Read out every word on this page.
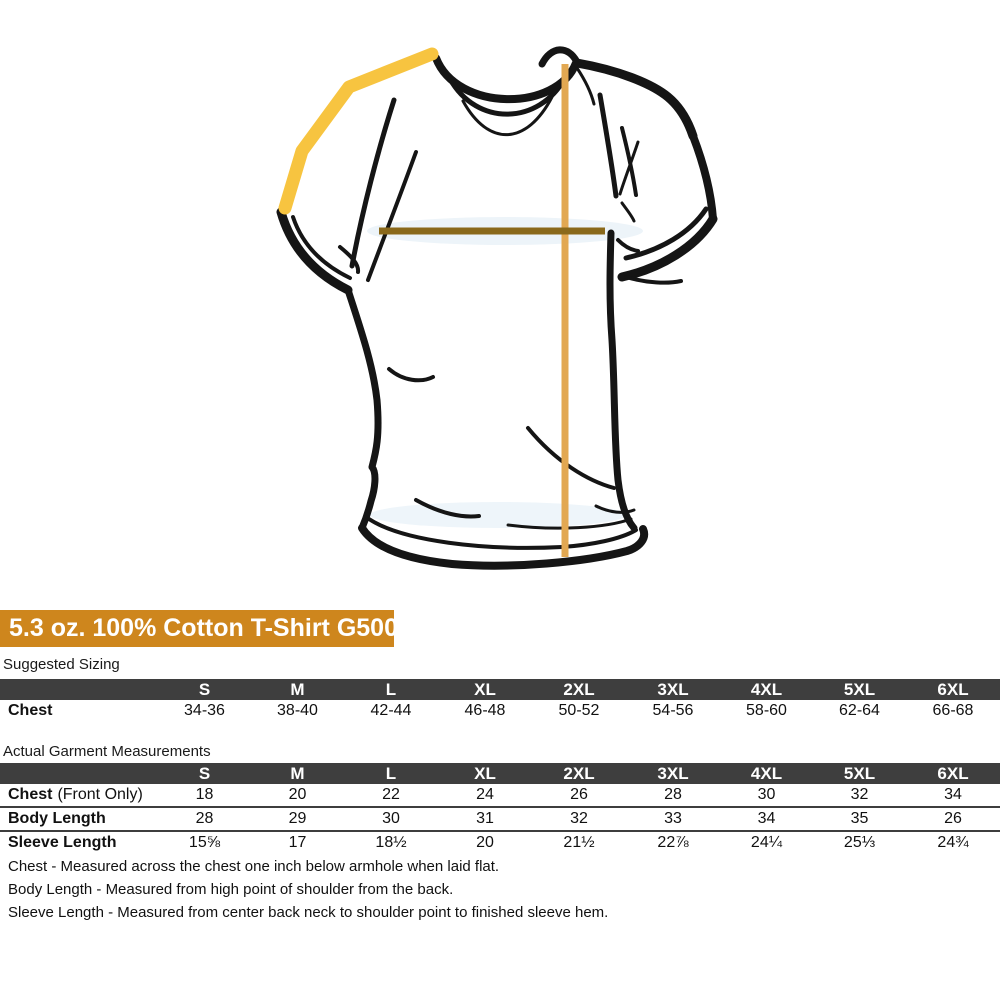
5.3 oz. 100% Cotton T-Shirt G500
Suggested Sizing
	S	M	L	XL	2XL	3XL	4XL	5XL	6XL
Chest	34-36	38-40	42-44	46-48	50-52	54-56	58-60	62-64	66-68
Actual Garment Measurements
	S	M	L	XL	2XL	3XL	4XL	5XL	6XL
Chest (Front Only)	18	20	22	24	26	28	30	32	34
Body Length	28	29	30	31	32	33	34	35	26
Sleeve Length	15⅝	17	18½	20	21½	22⅞	24¼	25⅓	24¾

Chest - Measured across the chest one inch below armhole when laid flat.

Body Length - Measured from high point of shoulder from the back.

Sleeve Length - Measured from center back neck to shoulder point to finished sleeve hem.
